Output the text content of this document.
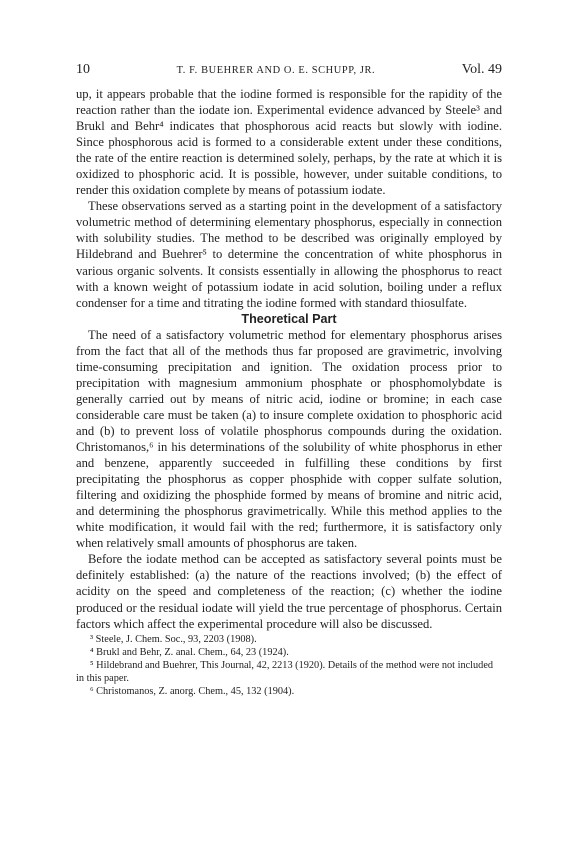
10	T. F. BUEHRER AND O. E. SCHUPP, JR.	Vol. 49

up, it appears probable that the iodine formed is responsible for the rapidity of the reaction rather than the iodate ion. Experimental evidence advanced by Steele³ and Brukl and Behr⁴ indicates that phosphorous acid reacts but slowly with iodine. Since phosphorous acid is formed to a considerable extent under these conditions, the rate of the entire reaction is determined solely, perhaps, by the rate at which it is oxidized to phosphoric acid. It is possible, however, under suitable conditions, to render this oxidation complete by means of potassium iodate.

These observations served as a starting point in the development of a satisfactory volumetric method of determining elementary phosphorus, especially in connection with solubility studies. The method to be described was originally employed by Hildebrand and Buehrer⁵ to determine the concentration of white phosphorus in various organic solvents. It consists essentially in allowing the phosphorus to react with a known weight of potassium iodate in acid solution, boiling under a reflux condenser for a time and titrating the iodine formed with standard thiosulfate.

Theoretical Part

The need of a satisfactory volumetric method for elementary phosphorus arises from the fact that all of the methods thus far proposed are gravimetric, involving time-consuming precipitation and ignition. The oxidation process prior to precipitation with magnesium ammonium phosphate or phosphomolybdate is generally carried out by means of nitric acid, iodine or bromine; in each case considerable care must be taken (a) to insure complete oxidation to phosphoric acid and (b) to prevent loss of volatile phosphorus compounds during the oxidation. Christomanos,⁶ in his determinations of the solubility of white phosphorus in ether and benzene, apparently succeeded in fulfilling these conditions by first precipitating the phosphorus as copper phosphide with copper sulfate solution, filtering and oxidizing the phosphide formed by means of bromine and nitric acid, and determining the phosphorus gravimetrically. While this method applies to the white modification, it would fail with the red; furthermore, it is satisfactory only when relatively small amounts of phosphorus are taken.

Before the iodate method can be accepted as satisfactory several points must be definitely established: (a) the nature of the reactions involved; (b) the effect of acidity on the speed and completeness of the reaction; (c) whether the iodine produced or the residual iodate will yield the true percentage of phosphorus. Certain factors which affect the experimental procedure will also be discussed.

³ Steele, J. Chem. Soc., 93, 2203 (1908).

⁴ Brukl and Behr, Z. anal. Chem., 64, 23 (1924).

⁵ Hildebrand and Buehrer, This Journal, 42, 2213 (1920). Details of the method were not included in this paper.

⁶ Christomanos, Z. anorg. Chem., 45, 132 (1904).
